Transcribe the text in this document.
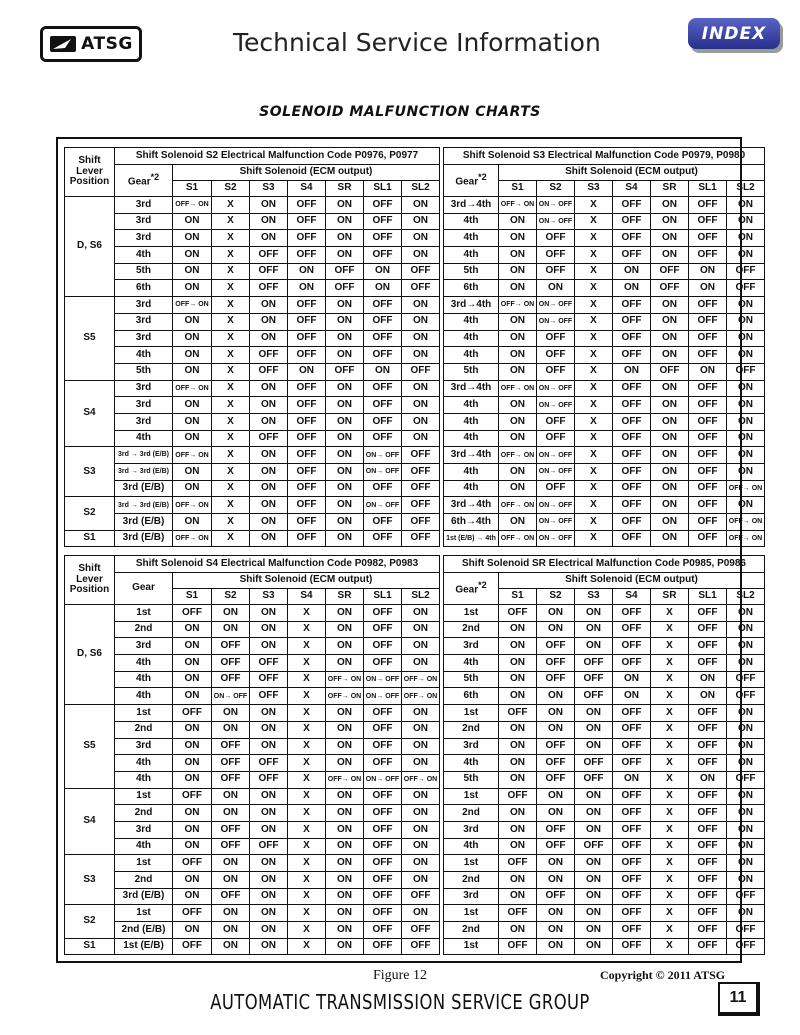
ATSG	Technical Service Information	INDEX
SOLENOID MALFUNCTION CHARTS
Shift Lever Position	Shift Solenoid S2 Electrical Malfunction Code P0976, P0977									Shift Solenoid S3 Electrical Malfunction Code P0979, P0980							
	Gear$^{*2}$	Shift Solenoid (ECM output)								Gear$^{*2}$	Shift Solenoid (ECM output)						
		S1	S2	S3	S4	SR	SL1	SL2			S1	S2	S3	S4	SR	SL1	SL2
D, S6	3rd	OFF→ ON	X	ON	OFF	ON	OFF	ON		3rd→4th	OFF→ ON	ON→ OFF	X	OFF	ON	OFF	ON
	3rd	ON	X	ON	OFF	ON	OFF	ON		4th	ON	ON→ OFF	X	OFF	ON	OFF	ON
	3rd	ON	X	ON	OFF	ON	OFF	ON		4th	ON	OFF	X	OFF	ON	OFF	ON
	4th	ON	X	OFF	OFF	ON	OFF	ON		4th	ON	OFF	X	OFF	ON	OFF	ON
	5th	ON	X	OFF	ON	OFF	ON	OFF		5th	ON	OFF	X	ON	OFF	ON	OFF
	6th	ON	X	OFF	ON	OFF	ON	OFF		6th	ON	ON	X	ON	OFF	ON	OFF
S5	3rd	OFF→ ON	X	ON	OFF	ON	OFF	ON		3rd→4th	OFF→ ON	ON→ OFF	X	OFF	ON	OFF	ON
	3rd	ON	X	ON	OFF	ON	OFF	ON		4th	ON	ON→ OFF	X	OFF	ON	OFF	ON
	3rd	ON	X	ON	OFF	ON	OFF	ON		4th	ON	OFF	X	OFF	ON	OFF	ON
	4th	ON	X	OFF	OFF	ON	OFF	ON		4th	ON	OFF	X	OFF	ON	OFF	ON
	5th	ON	X	OFF	ON	OFF	ON	OFF		5th	ON	OFF	X	ON	OFF	ON	OFF
S4	3rd	OFF→ ON	X	ON	OFF	ON	OFF	ON		3rd→4th	OFF→ ON	ON→ OFF	X	OFF	ON	OFF	ON
	3rd	ON	X	ON	OFF	ON	OFF	ON		4th	ON	ON→ OFF	X	OFF	ON	OFF	ON
	3rd	ON	X	ON	OFF	ON	OFF	ON		4th	ON	OFF	X	OFF	ON	OFF	ON
	4th	ON	X	OFF	OFF	ON	OFF	ON		4th	ON	OFF	X	OFF	ON	OFF	ON
S3	3rd → 3rd (E/B)	OFF→ ON	X	ON	OFF	ON	ON→ OFF	OFF		3rd→4th	OFF→ ON	ON→ OFF	X	OFF	ON	OFF	ON
	3rd → 3rd (E/B)	ON	X	ON	OFF	ON	ON→ OFF	OFF		4th	ON	ON→ OFF	X	OFF	ON	OFF	ON
	3rd (E/B)	ON	X	ON	OFF	ON	OFF	OFF		4th	ON	OFF	X	OFF	ON	OFF	OFF→ ON

S2	3rd → 3rd (E/B)	OFF→ ON	X	ON	OFF	ON	ON→ OFF	OFF		3rd→4th	OFF→ ON	ON→ OFF	X	OFF	ON	OFF	ON
	3rd (E/B)	ON	X	ON	OFF	ON	OFF	OFF		6th→4th	ON	ON→ OFF	X	OFF	ON	OFF	OFF→ ON

S1	3rd (E/B)	OFF→ ON	X	ON	OFF	ON	OFF	OFF		1st (E/B) → 4th	OFF→ ON	ON→ OFF	X	OFF	ON	OFF	OFF→ ON
Shift Lever Position	Shift Solenoid S4 Electrical Malfunction Code P0982, P0983									Shift Solenoid SR Electrical Malfunction Code P0985, P0986							
	Gear	Shift Solenoid (ECM output)								Gear$^{*2}$	Shift Solenoid (ECM output)						
		S1	S2	S3	S4	SR	SL1	SL2			S1	S2	S3	S4	SR	SL1	SL2
D, S6	1st	OFF	ON	ON	X	ON	OFF	ON		1st	OFF	ON	ON	OFF	X	OFF	ON
	2nd	ON	ON	ON	X	ON	OFF	ON		2nd	ON	ON	ON	OFF	X	OFF	ON
	3rd	ON	OFF	ON	X	ON	OFF	ON		3rd	ON	OFF	ON	OFF	X	OFF	ON
	4th	ON	OFF	OFF	X	ON	OFF	ON		4th	ON	OFF	OFF	OFF	X	OFF	ON
	4th	ON	OFF	OFF	X	OFF→ ON	ON→ OFF	OFF→ ON		5th	ON	OFF	OFF	ON	X	ON	OFF
	4th	ON	ON→ OFF	OFF	X	OFF→ ON	ON→ OFF	OFF→ ON		6th	ON	ON	OFF	ON	X	ON	OFF
S5	1st	OFF	ON	ON	X	ON	OFF	ON		1st	OFF	ON	ON	OFF	X	OFF	ON
	2nd	ON	ON	ON	X	ON	OFF	ON		2nd	ON	ON	ON	OFF	X	OFF	ON
	3rd	ON	OFF	ON	X	ON	OFF	ON		3rd	ON	OFF	ON	OFF	X	OFF	ON
	4th	ON	OFF	OFF	X	ON	OFF	ON		4th	ON	OFF	OFF	OFF	X	OFF	ON
	4th	ON	OFF	OFF	X	OFF→ ON	ON→ OFF	OFF→ ON		5th	ON	OFF	OFF	ON	X	ON	OFF
S4	1st	OFF	ON	ON	X	ON	OFF	ON		1st	OFF	ON	ON	OFF	X	OFF	ON
	2nd	ON	ON	ON	X	ON	OFF	ON		2nd	ON	ON	ON	OFF	X	OFF	ON
	3rd	ON	OFF	ON	X	ON	OFF	ON		3rd	ON	OFF	ON	OFF	X	OFF	ON
	4th	ON	OFF	OFF	X	ON	OFF	ON		4th	ON	OFF	OFF	OFF	X	OFF	ON
S3	1st	OFF	ON	ON	X	ON	OFF	ON		1st	OFF	ON	ON	OFF	X	OFF	ON
	2nd	ON	ON	ON	X	ON	OFF	ON		2nd	ON	ON	ON	OFF	X	OFF	ON
	3rd (E/B)	ON	OFF	ON	X	ON	OFF	OFF		3rd	ON	OFF	ON	OFF	X	OFF	OFF
S2	1st	OFF	ON	ON	X	ON	OFF	ON		1st	OFF	ON	ON	OFF	X	OFF	ON
	2nd (E/B)	ON	ON	ON	X	ON	OFF	OFF		2nd	ON	ON	ON	OFF	X	OFF	OFF
S1	1st (E/B)	OFF	ON	ON	X	ON	OFF	OFF		1st	OFF	ON	ON	OFF	X	OFF	OFF
Figure 12	Copyright © 2011 ATSG
AUTOMATIC TRANSMISSION SERVICE GROUP	11
